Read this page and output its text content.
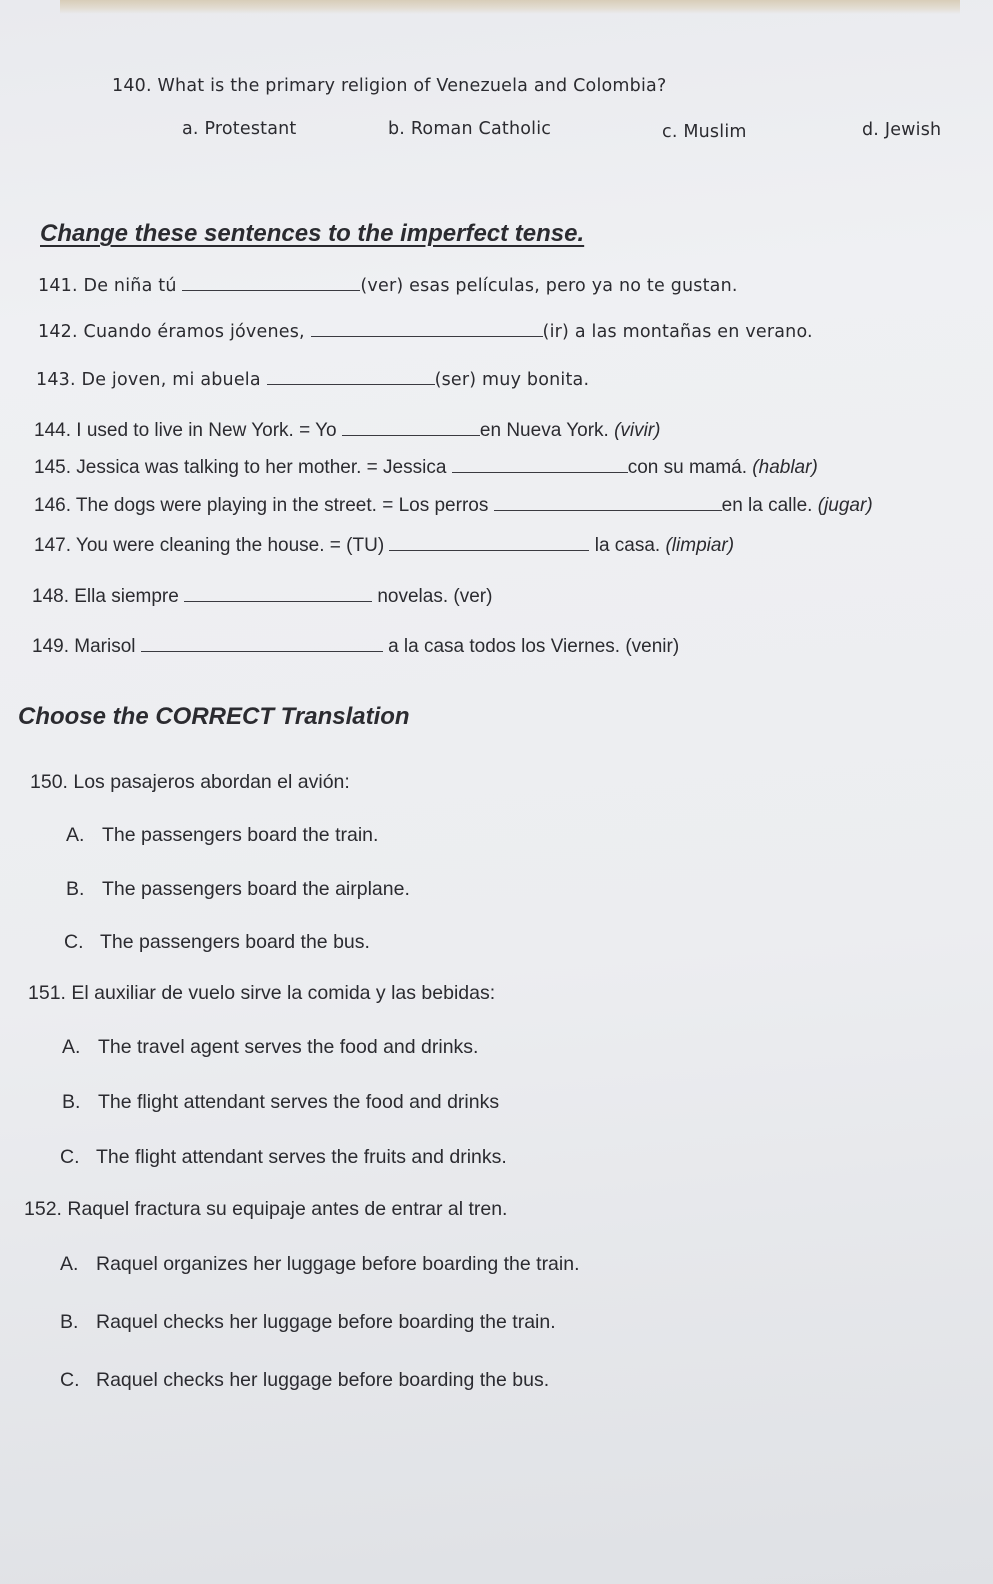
140. What is the primary religion of Venezuela and Colombia?
a. Protestant	b. Roman Catholic	c. Muslim	d. Jewish
Change these sentences to the imperfect tense.
141. De niña tú	(ver) esas películas, pero ya no te gustan.
142. Cuando éramos jóvenes,	(ir) a las montañas en verano.
143. De joven, mi abuela	(ser) muy bonita.
144. I used to live in New York. = Yo	en Nueva York. (vivir)
145. Jessica was talking to her mother. = Jessica	con su mamá. (hablar)
146. The dogs were playing in the street. = Los perros	en la calle. (jugar)
147. You were cleaning the house. = (TU)	la casa. (limpiar)
148. Ella siempre	novelas. (ver)
149. Marisol	a la casa todos los Viernes. (venir)
Choose the CORRECT Translation
150. Los pasajeros abordan el avión:
A. The passengers board the train.
B. The passengers board the airplane.
C. The passengers board the bus.
151. El auxiliar de vuelo sirve la comida y las bebidas:
A. The travel agent serves the food and drinks.
B. The flight attendant serves the food and drinks
C. The flight attendant serves the fruits and drinks.
152. Raquel fractura su equipaje antes de entrar al tren.
A. Raquel organizes her luggage before boarding the train.
B. Raquel checks her luggage before boarding the train.
C. Raquel checks her luggage before boarding the bus.
